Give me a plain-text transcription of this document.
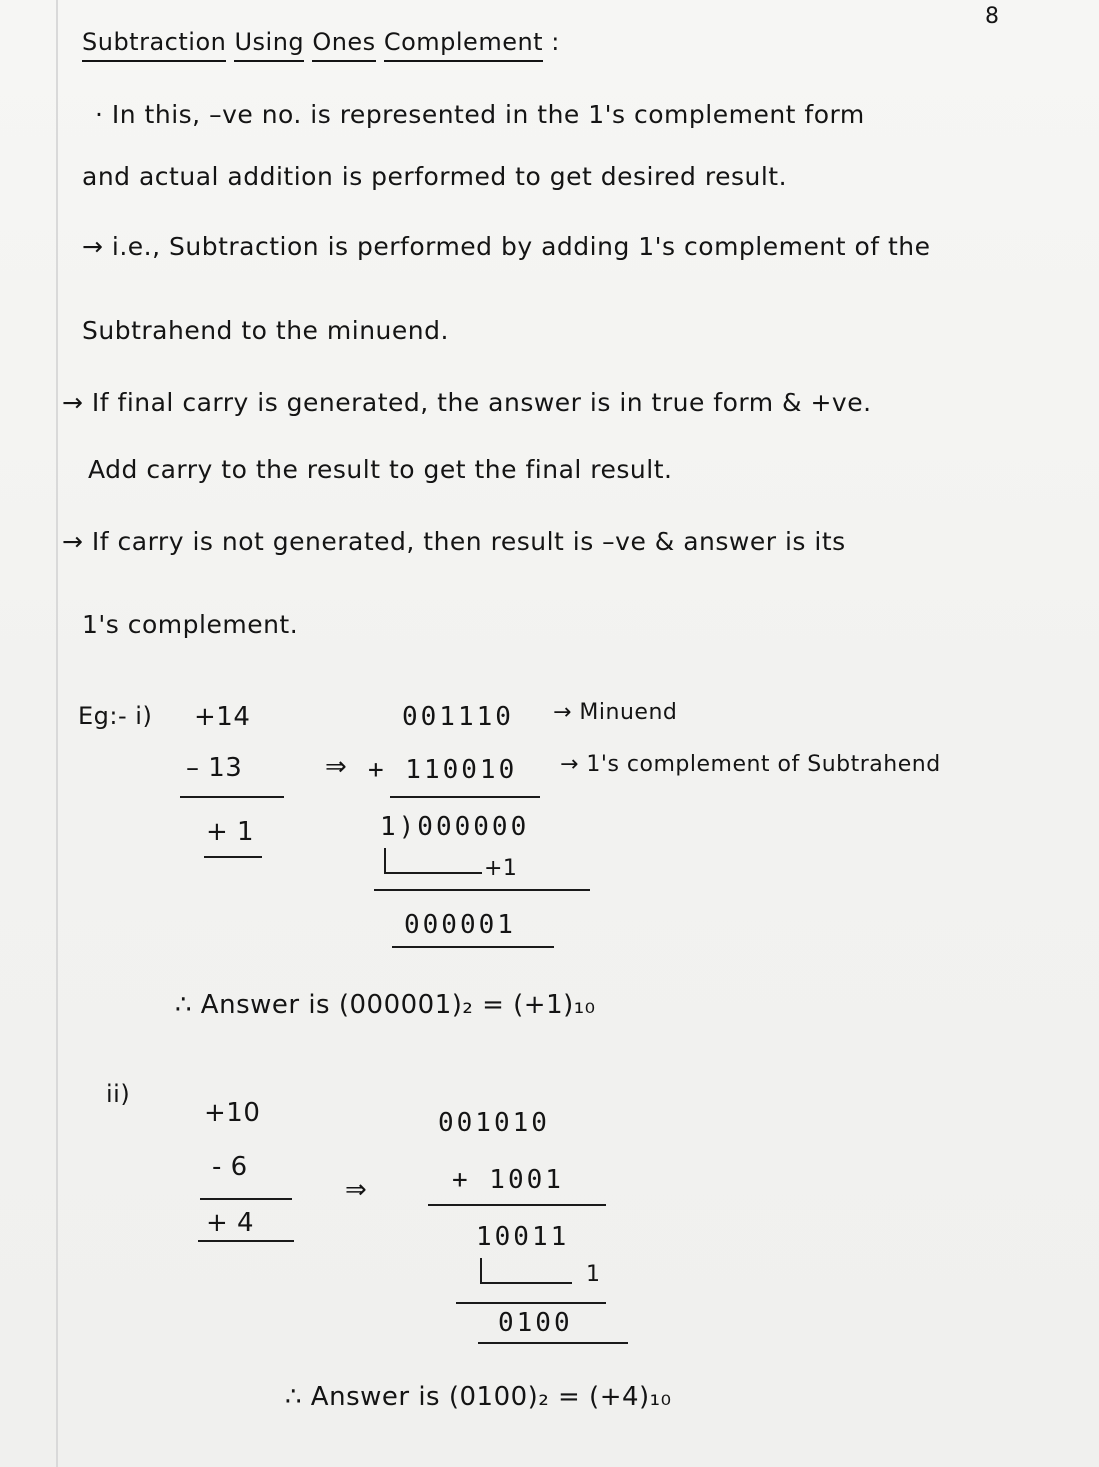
8
Subtraction Using Ones Complement :
· In this, –ve no. is represented in the 1's complement form
and actual addition is performed to get desired result.
→ i.e., Subtraction is performed by adding 1's complement of the
Subtrahend to the minuend.
→ If final carry is generated, the answer is in true form & +ve.
Add carry to the result to get the final result.
→ If carry is not generated, then result is –ve & answer is its
1's complement.
Eg:- i) +14
– 13
+ 1
⇒
001110 → Minuend
+ 110010 → 1's complement of Subtrahend
1)000000
+1
000001
∴ Answer is (000001)₂ = (+1)₁₀
ii)
+10
- 6
+ 4
⇒
001010
+ 1001
10011
1
0100
∴ Answer is (0100)₂ = (+4)₁₀
